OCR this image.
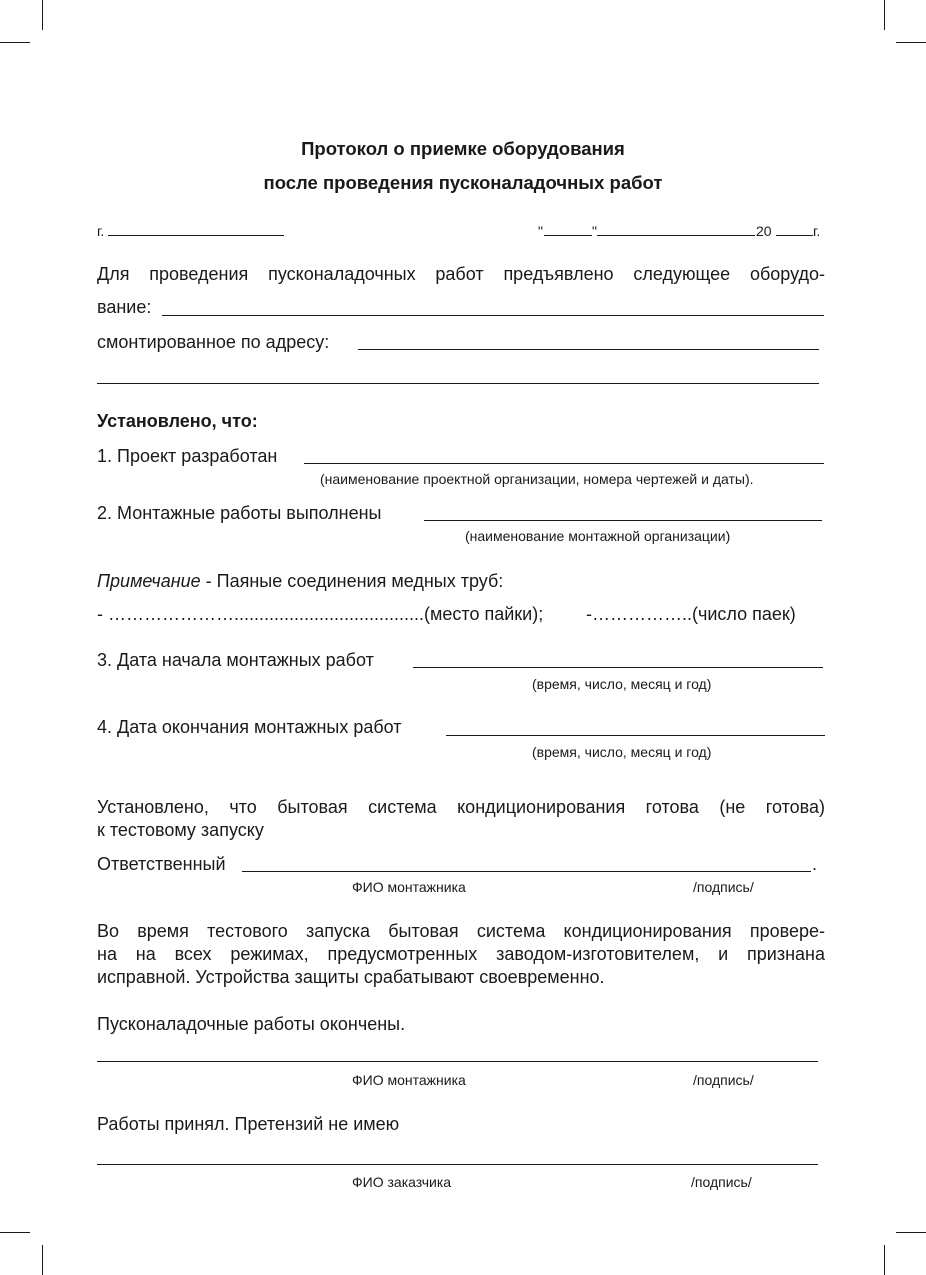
Протокол о приемке оборудования
после проведения пусконаладочных работ
г.	"	"	20	г.
Для проведения пусконаладочных работ предъявлено следующее оборудо-
вание:
смонтированное по адресу:
Установлено, что:
1. Проект разработан
(наименование проектной организации, номера чертежей и даты).
2. Монтажные работы выполнены
(наименование монтажной организации)
Примечание - Паяные соединения медных труб:
- …………………......................................(место пайки); -……………..(число паек)
3. Дата начала монтажных работ
(время, число, месяц и год)
4. Дата окончания монтажных работ
(время, число, месяц и год)
Установлено, что бытовая система кондиционирования готова (не готова)
к тестовому запуску
Ответственный	.
ФИО монтажника	/подпись/
Во время тестового запуска бытовая система кондиционирования провере-
на на всех режимах, предусмотренных заводом-изготовителем, и признана
исправной. Устройства защиты срабатывают своевременно.
Пусконаладочные работы окончены.
ФИО монтажника	/подпись/
Работы принял. Претензий не имею
ФИО заказчика	/подпись/
